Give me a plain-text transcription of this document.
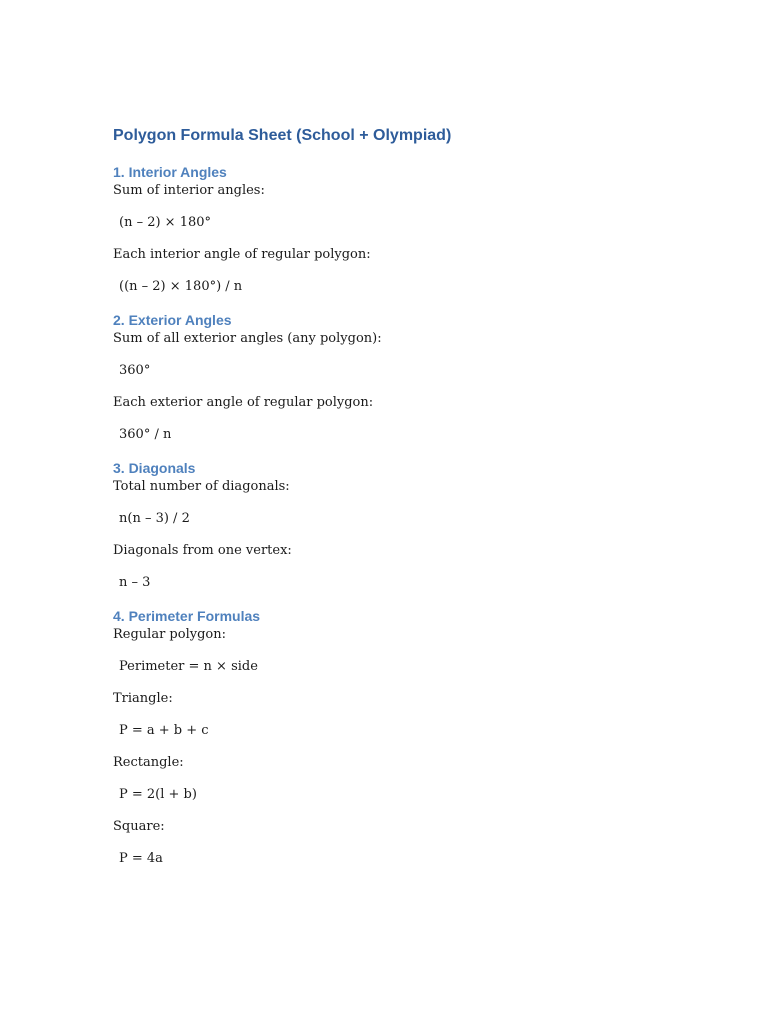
Polygon Formula Sheet (School + Olympiad)
1. Interior Angles

Sum of interior angles:

(n – 2) × 180°

Each interior angle of regular polygon:

((n – 2) × 180°) / n

2. Exterior Angles

Sum of all exterior angles (any polygon):

360°

Each exterior angle of regular polygon:

360° / n

3. Diagonals

Total number of diagonals:

n(n – 3) / 2

Diagonals from one vertex:

n – 3

4. Perimeter Formulas

Regular polygon:

Perimeter = n × side

Triangle:

P = a + b + c

Rectangle:

P = 2(l + b)

Square:

P = 4a
